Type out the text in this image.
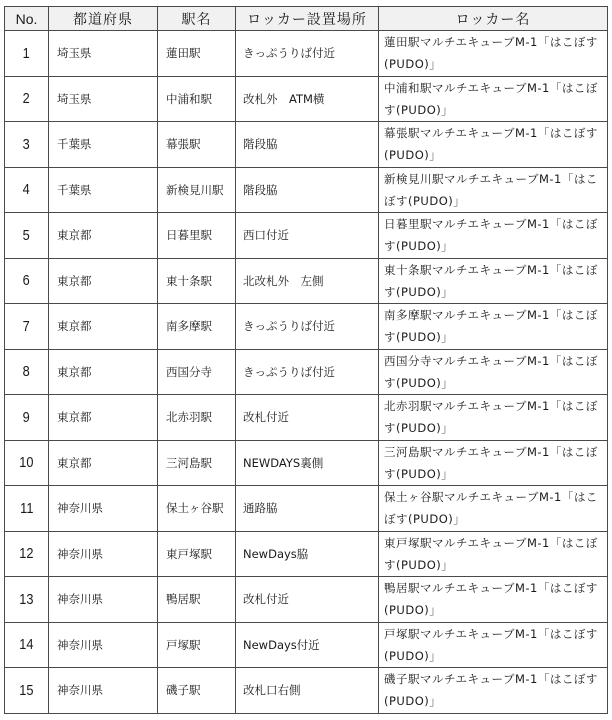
No.	都道府県	駅名	ロッカー設置場所	ロッカー名
1	埼玉県	蓮田駅	きっぷうりば付近	蓮田駅マルチエキューブM-1「はこぼす
(PUDO)」

2	埼玉県	中浦和駅	改札外　ATM横	中浦和駅マルチエキューブM-1「はこぼ
す(PUDO)」

3	千葉県	幕張駅	階段脇	幕張駅マルチエキューブM-1「はこぼす
(PUDO)」

4	千葉県	新検見川駅	階段脇	新検見川駅マルチエキューブM-1「はこ
ぼす(PUDO)」

5	東京都	日暮里駅	西口付近	日暮里駅マルチエキューブM-1「はこぼ
す(PUDO)」

6	東京都	東十条駅	北改札外　左側	東十条駅マルチエキューブM-1「はこぼ
す(PUDO)」

7	東京都	南多摩駅	きっぷうりば付近	南多摩駅マルチエキューブM-1「はこぼ
す(PUDO)」

8	東京都	西国分寺	きっぷうりば付近	西国分寺マルチエキューブM-1「はこぼ
す(PUDO)」

9	東京都	北赤羽駅	改札付近	北赤羽駅マルチエキューブM-1「はこぼ
す(PUDO)」

10	東京都	三河島駅	NEWDAYS裏側	三河島駅マルチエキューブM-1「はこぼ
す(PUDO)」

11	神奈川県	保土ヶ谷駅	通路脇	保土ヶ谷駅マルチエキューブM-1「はこ
ぼす(PUDO)」

12	神奈川県	東戸塚駅	NewDays脇	東戸塚駅マルチエキューブM-1「はこぼ
す(PUDO)」

13	神奈川県	鴨居駅	改札付近	鴨居駅マルチエキューブM-1「はこぼす
(PUDO)」

14	神奈川県	戸塚駅	NewDays付近	戸塚駅マルチエキューブM-1「はこぼす
(PUDO)」

15	神奈川県	磯子駅	改札口右側	磯子駅マルチエキューブM-1「はこぼす
(PUDO)」
